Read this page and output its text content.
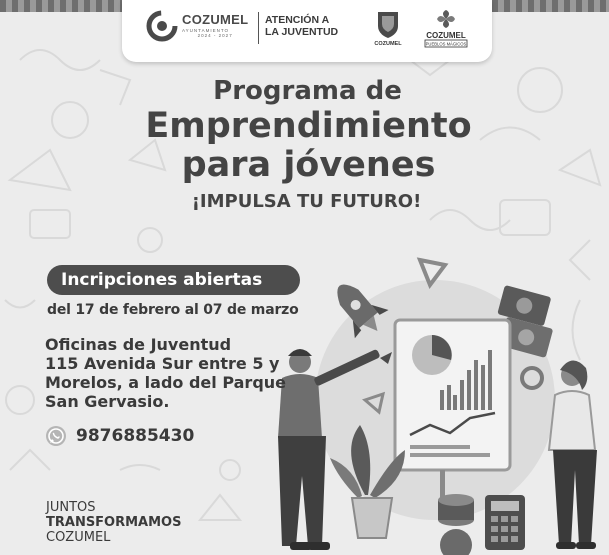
COZUMEL
AYUNTAMIENTO
2024 - 2027
ATENCIÓN A
LA JUVENTUD
COZUMEL
COZUMEL
PUEBLOS MÁGICOS
Programa de
Emprendimiento
para jóvenes
¡IMPULSA TU FUTURO!
Incripciones abiertas
del 17 de febrero al 07 de marzo
Oficinas de Juventud
115 Avenida Sur entre 5 y
Morelos, a lado del Parque
San Gervasio.
9876885430
JUNTOS
TRANSFORMAMOS
COZUMEL
